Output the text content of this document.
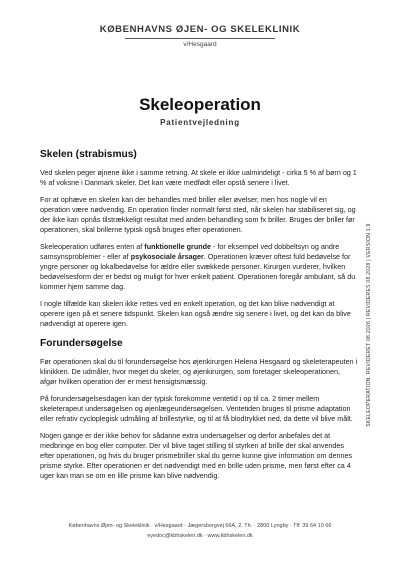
KØBENHAVNS ØJEN- OG SKELEKLINIK
v/Hesgaard
Skeleoperation
Patientvejledning
Skelen (strabismus)

Ved skelen peger øjnene ikke i samme retning. At skele er ikke ualmindeligt - cirka 5 % af børn og 1 % af voksne i Danmark skeler. Det kan være medfødt eller opstå senere i livet.

For at ophæve en skelen kan der behandles med briller eller øvelser, men hos nogle vil en operation være nødvendig. En operation finder normalt først sted, når skelen har stabiliseret sig, og der ikke kan opnås tilstrækkeligt resultat med anden behandling som fx briller. Bruges der briller før operationen, skal brillerne typisk også bruges efter operationen.

Skeleoperation udføres enten af funktionelle grunde - for eksempel ved dobbeltsyn og andre samsynsproblemer - eller af psykosociale årsager. Operationen kræver oftest fuld bedøvelse for yngre personer og lokalbedøvelse for ældre eller svækkede personer. Kirurgen vurderer, hvilken bedøvelsesform der er bedst og muligt for hver enkelt patient. Operationen foregår ambulant, så du kommer hjem samme dag.

I nogle tilfælde kan skelen ikke rettes ved en enkelt operation, og det kan blive nødvendigt at operere igen på et senere tidspunkt. Skelen kan også ændre sig senere i livet, og det kan da blive nødvendigt at operere igen.

Forundersøgelse

Før operationen skal du til forundersøgelse hos øjenkirurgen Helena Hesgaard og skeleterapeuten i klinikken. De udmåler, hvor meget du skeler, og øjenkirurgen, som foretager skeleoperationen, afgør hvilken operation der er mest hensigtsmæssig.

På forundersøgelsesdagen kan der typisk forekomme ventetid i op til ca. 2 timer mellem skeleterapeut undersøgelsen og øjenlægeundersøgelsen. Ventetiden bruges til prisme adaptation eller refrativ cycloplegisk udmåling af brillestyrke, og til at få blodtrykket ned, da dette vil blive målt.

Nogen gange er der ikke behov for sådanne extra undersøgelser og derfor anbefales det at medbringe en bog eller computer. Der vil blive taget stilling til styrken af brille der skal anvendes efter operationen, og hvis du bruger prismebriller skal du gerne kunne give information om dennes prisme styrke. Efter operationen er det nødvendigt med en brille uden prisme, men først efter ca 4 uger kan man se om en lille prisme kan blive nødvendig.

SKELEOPERATION. REVIDERET 08.2026 | REVIDERES 08.2028 | VERSION 1.9
Københavns Øjen- og Skeleklinik · v/Hesgaard · Jægersborgvej 66A, 2. Th. · 2800 Lyngby · Tlf: 39 64 10 66
eyedoc@kbhskeleri.dk · www.kbhskelen.dk
